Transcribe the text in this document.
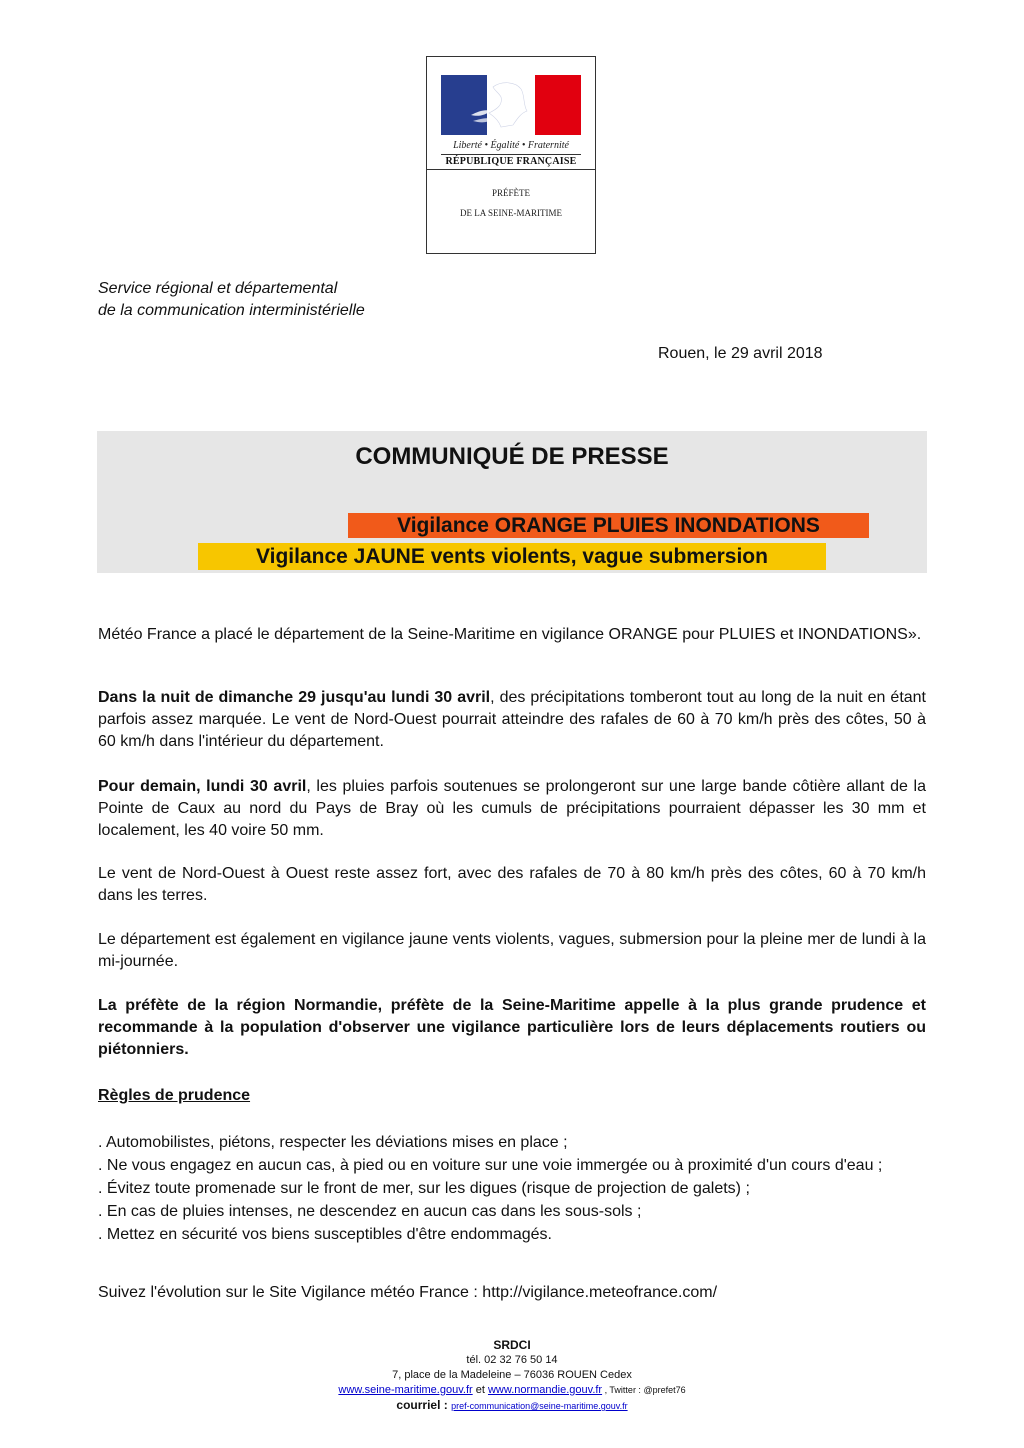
Liberté • Égalité • Fraternité
RÉPUBLIQUE FRANÇAISE
PRÉFÈTE
DE LA SEINE-MARITIME
Service régional et départemental
de la communication interministérielle
Rouen, le 29 avril 2018
COMMUNIQUÉ DE PRESSE
Vigilance ORANGE PLUIES INONDATIONS
Vigilance JAUNE vents violents, vague submersion
Météo France a placé le département de la Seine-Maritime en vigilance ORANGE pour PLUIES et INONDATIONS».
Dans la nuit de dimanche 29 jusqu'au lundi 30 avril, des précipitations tomberont tout au long de la nuit en étant parfois assez marquée. Le vent de Nord-Ouest pourrait atteindre des rafales de 60 à 70 km/h près des côtes, 50 à 60 km/h dans l'intérieur du département.
Pour demain, lundi 30 avril, les pluies parfois soutenues se prolongeront sur une large bande côtière allant de la Pointe de Caux au nord du Pays de Bray où les cumuls de précipitations pourraient dépasser les 30 mm et localement, les 40 voire 50 mm.
Le vent de Nord-Ouest à Ouest reste assez fort, avec des rafales de 70 à 80 km/h près des côtes, 60 à 70 km/h dans les terres.
Le département est également en vigilance jaune vents violents, vagues, submersion pour la pleine mer de lundi à la mi-journée.
La préfète de la région Normandie, préfète de la Seine-Maritime appelle à la plus grande prudence et recommande à la population d'observer une vigilance particulière lors de leurs déplacements routiers ou piétonniers.
Règles de prudence

. Automobilistes, piétons, respecter les déviations mises en place ;

. Ne vous engagez en aucun cas, à pied ou en voiture sur une voie immergée ou à proximité d'un cours d'eau ;

. Évitez toute promenade sur le front de mer, sur les digues (risque de projection de galets) ;

. En cas de pluies intenses, ne descendez en aucun cas dans les sous-sols ;

. Mettez en sécurité vos biens susceptibles d'être endommagés.

Suivez l'évolution sur le Site Vigilance météo France : http://vigilance.meteofrance.com/
SRDCI
tél. 02 32 76 50 14
7, place de la Madeleine – 76036 ROUEN Cedex
www.seine-maritime.gouv.fr et www.normandie.gouv.fr , Twitter : @prefet76
courriel : pref-communication@seine-maritime.gouv.fr
